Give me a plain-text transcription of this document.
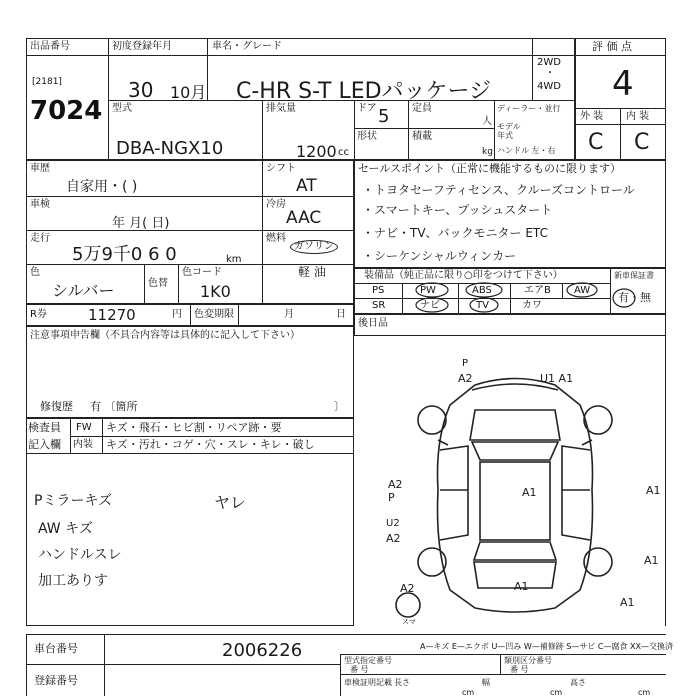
出品番号
[2181]
7024
初度登録年月
30 10月
車名・グレード
C-HR S-T LEDパッケージ
評 価 点
2WD
・
4WD 4
外 装 内 装
C C
型式
DBA-NGX10
排気量
1200 cc
ドア 5 定員
人
形状	積載
kg
ディーラー・並行
モデル年式
ハンドル 左・右
車歴
自家用・( )
車検
年 月( 日)
走行
5万9千0 6 0	km
色
シルバー	色替
色コード
1K0
シフト
AT
冷房
AAC
燃料
ガソリン
軽 油
R券	11270	円 色変期限	月	日
注意事項申告欄（不具合内容等は具体的に記入して下さい）
修復歴 有 〔箇所	〕
検査員
記入欄
FW キズ・飛石・ヒビ割・リペア跡・要
内装 キズ・汚れ・コゲ・穴・スレ・キレ・破し
Pミラーキズ
AW キズ
ハンドルスレ
加工ありす
ヤレ
セールスポイント（正常に機能するものに限ります）
・トヨタセーフティセンス、クルーズコントロール
・スマートキー、プッシュスタート
・ナビ・TV、バックモニター ETC
・シーケンシャルウィンカー
装備品（純正品に限り○印をつけて下さい）	新車保証書
有・無
PS	PW	ABS	エアB AW
SR	ナビ	TV	カワ
後日品
P
A2	U1 A1
A1	A1
A2 P
U2
A2
A1
A2
A1
A1
スマ
A—キズ E—エクボ U—凹み W—補修跡 S—サビ C—腐食 XX—交換済
車台番号	2006226
登録番号
型式指定番号
番 号
類別区分番号
番 号
車検証明記載 長さ	幅	高さ
cm	cm	cm
